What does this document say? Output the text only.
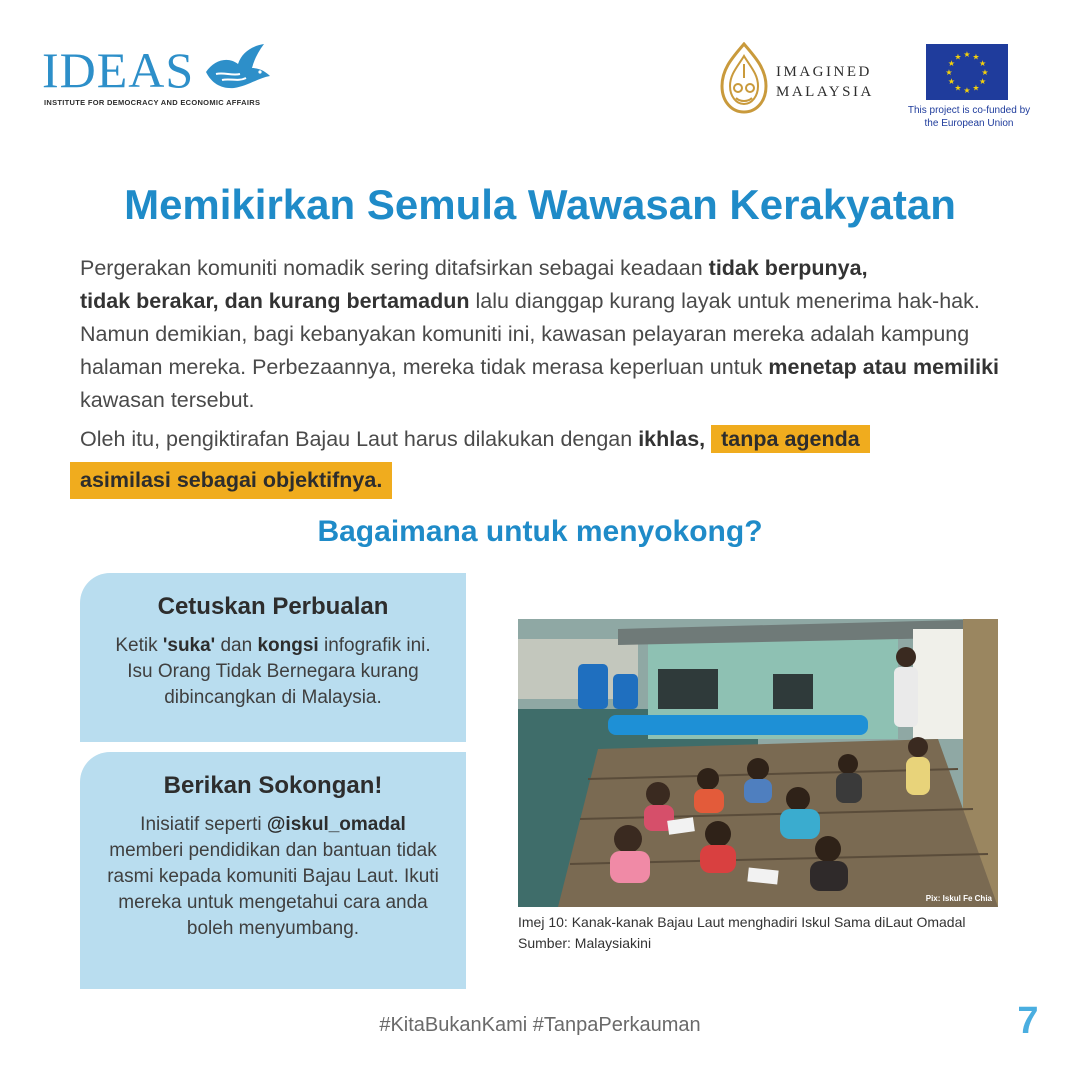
IDEAS
INSTITUTE FOR DEMOCRACY AND ECONOMIC AFFAIRS
IMAGINED
MALAYSIA
★ ★
★
★
★
★
★
★
★
★
★
★
This project is co-funded by
the European Union
Memikirkan Semula Wawasan Kerakyatan

Pergerakan komuniti nomadik sering ditafsirkan sebagai keadaan tidak berpunya,
tidak berakar, dan kurang bertamadun lalu dianggap kurang layak untuk menerima hak-hak. Namun demikian, bagi kebanyakan komuniti ini, kawasan pelayaran mereka adalah kampung halaman mereka. Perbezaannya, mereka tidak merasa keperluan untuk menetap atau memiliki kawasan tersebut.

Oleh itu, pengiktirafan Bajau Laut harus dilakukan dengan ikhlas, tanpa agenda
asimilasi sebagai objektifnya.

Bagaimana untuk menyokong?
Cetuskan Perbualan
Ketik 'suka' dan kongsi infografik ini. Isu Orang Tidak Bernegara kurang dibincangkan di Malaysia.
Berikan Sokongan!
Inisiatif seperti @iskul_omadal memberi pendidikan dan bantuan tidak rasmi kepada komuniti Bajau Laut. Ikuti mereka untuk mengetahui cara anda boleh menyumbang.
Pix: Iskul Fe Chia
Imej 10: Kanak-kanak Bajau Laut menghadiri Iskul Sama diLaut Omadal
Sumber: Malaysiakini
#KitaBukanKami #TanpaPerkauman	7
